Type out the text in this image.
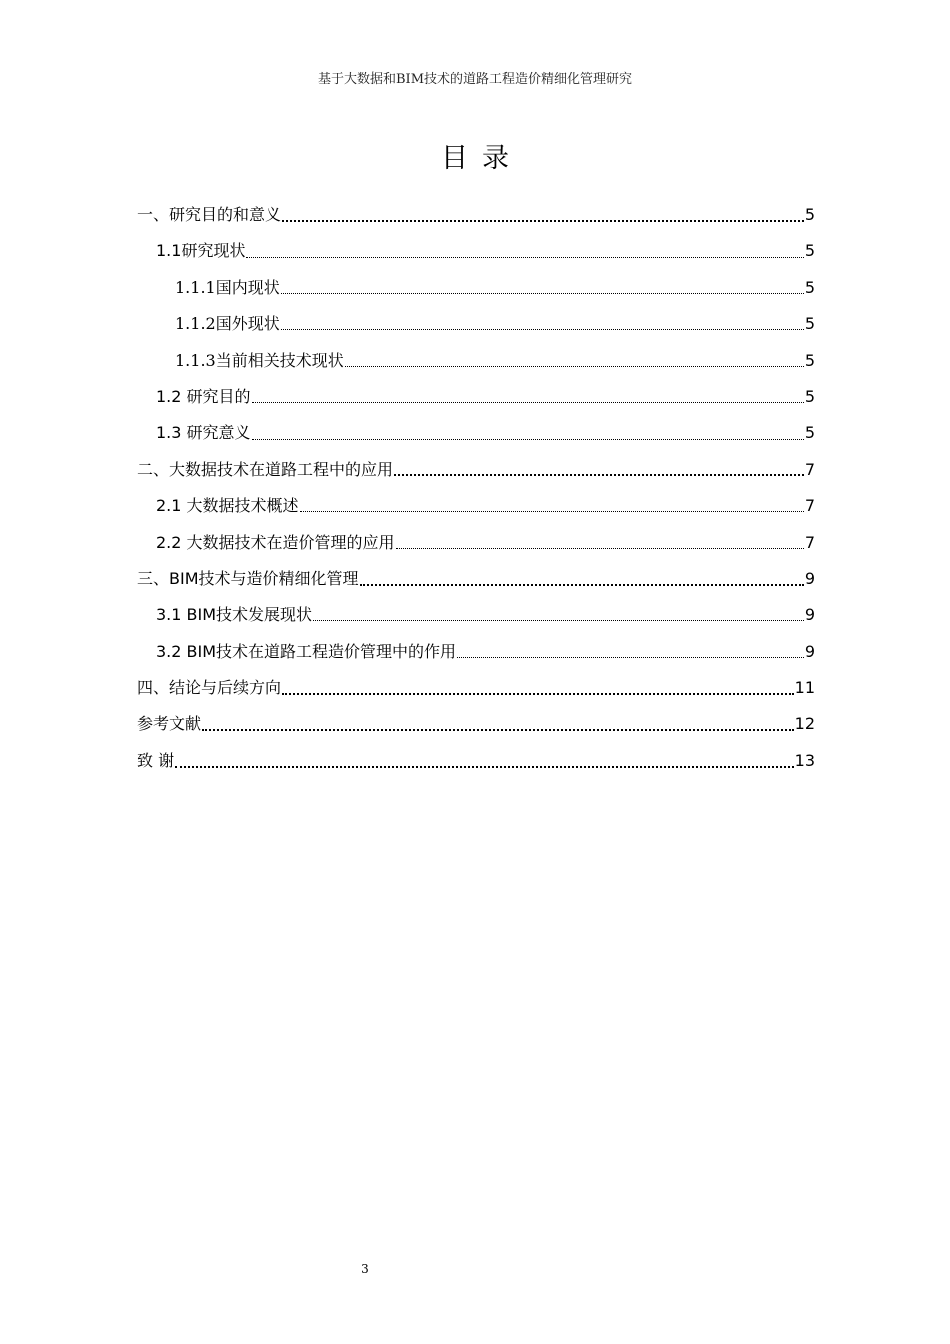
基于大数据和BIM技术的道路工程造价精细化管理研究
目录
一、研究目的和意义	5
1.1研究现状	5
1.1.1国内现状	5
1.1.2国外现状	5
1.1.3当前相关技术现状	5
1.2 研究目的	5
1.3 研究意义	5
二、大数据技术在道路工程中的应用	7
2.1 大数据技术概述	7
2.2 大数据技术在造价管理的应用	7
三、BIM技术与造价精细化管理	9
3.1 BIM技术发展现状	9
3.2 BIM技术在道路工程造价管理中的作用	9
四、结论与后续方向	11
参考文献	12
致 谢	13
3
